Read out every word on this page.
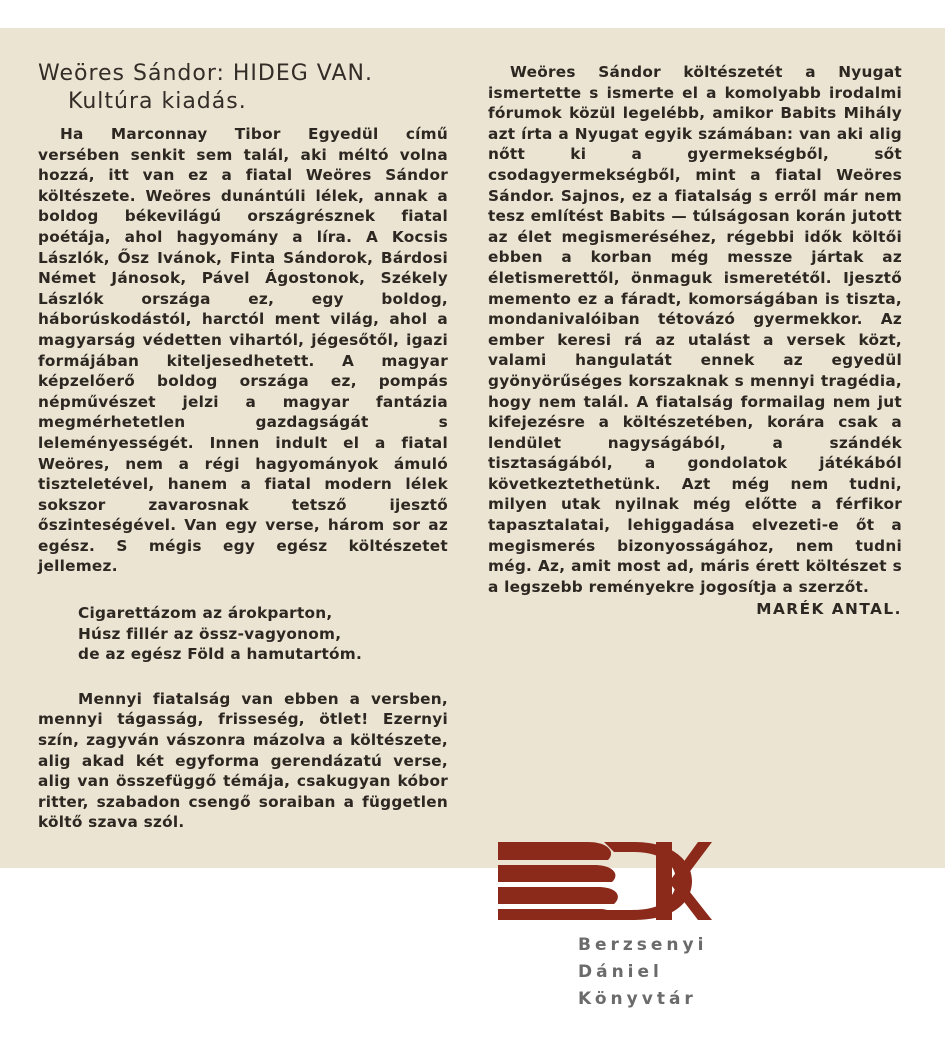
Weöres Sándor: HIDEG VAN.
Kultúra kiadás.

Ha Marconnay Tibor Egyedül című versében senkit sem talál, aki méltó volna hozzá, itt van ez a fiatal Weöres Sándor költészete. Weöres dunántúli lélek, annak a boldog békevilágú országrésznek fiatal poétája, ahol hagyomány a líra. A Kocsis Lászlók, Ősz Ivánok, Finta Sándorok, Bárdosi Német Jánosok, Pável Ágostonok, Székely Lászlók országa ez, egy boldog, háborúskodástól, harctól ment világ, ahol a magyarság védetten vihartól, jégesőtől, igazi formájában kiteljesedhetett. A magyar képzelőerő boldog országa ez, pompás népművészet jelzi a magyar fantázia megmérhetetlen gazdagságát s leleményességét. Innen indult el a fiatal Weöres, nem a régi hagyományok ámuló tiszteletével, hanem a fiatal modern lélek sokszor zavarosnak tetsző ijesztő őszinteségével. Van egy verse, három sor az egész. S mégis egy egész költészetet jellemez.

Cigarettázom az árokparton,
Húsz fillér az össz-vagyonom,
de az egész Föld a hamutartóm.

Mennyi fiatalság van ebben a versben, mennyi tágasság, frisseség, ötlet! Ezernyi szín, zagyván vászonra mázolva a költészete, alig akad két egyforma gerendázatú verse, alig van összefüggő témája, csakugyan kóbor ritter, szabadon csengő soraiban a független költő szava szól.

Weöres Sándor költészetét a Nyugat ismertette s ismerte el a komolyabb irodalmi fórumok közül legelébb, amikor Babits Mihály azt írta a Nyugat egyik számában: van aki alig nőtt ki a gyermekségből, sőt csodagyermekségből, mint a fiatal Weöres Sándor. Sajnos, ez a fiatalság s erről már nem tesz említést Babits — túlságosan korán jutott az élet megismeréséhez, régebbi idők költői ebben a korban még messze jártak az életismerettől, önmaguk ismeretétől. Ijesztő memento ez a fáradt, komorságában is tiszta, mondanivalóiban tétovázó gyermekkor. Az ember keresi rá az utalást a versek közt, valami hangulatát ennek az egyedül gyönyörűséges korszaknak s mennyi tragédia, hogy nem talál. A fiatalság formailag nem jut kifejezésre a költészetében, korára csak a lendület nagyságából, a szándék tisztaságából, a gondolatok játékából következtethetünk. Azt még nem tudni, milyen utak nyilnak még előtte a férfikor tapasztalatai, lehiggadása elvezeti-e őt a megismerés bizonyosságához, nem tudni még. Az, amit most ad, máris érett költészet s a legszebb reményekre jogosítja a szerzőt.

MARÉK ANTAL.
Berzsenyi
Dániel
Könyvtár
